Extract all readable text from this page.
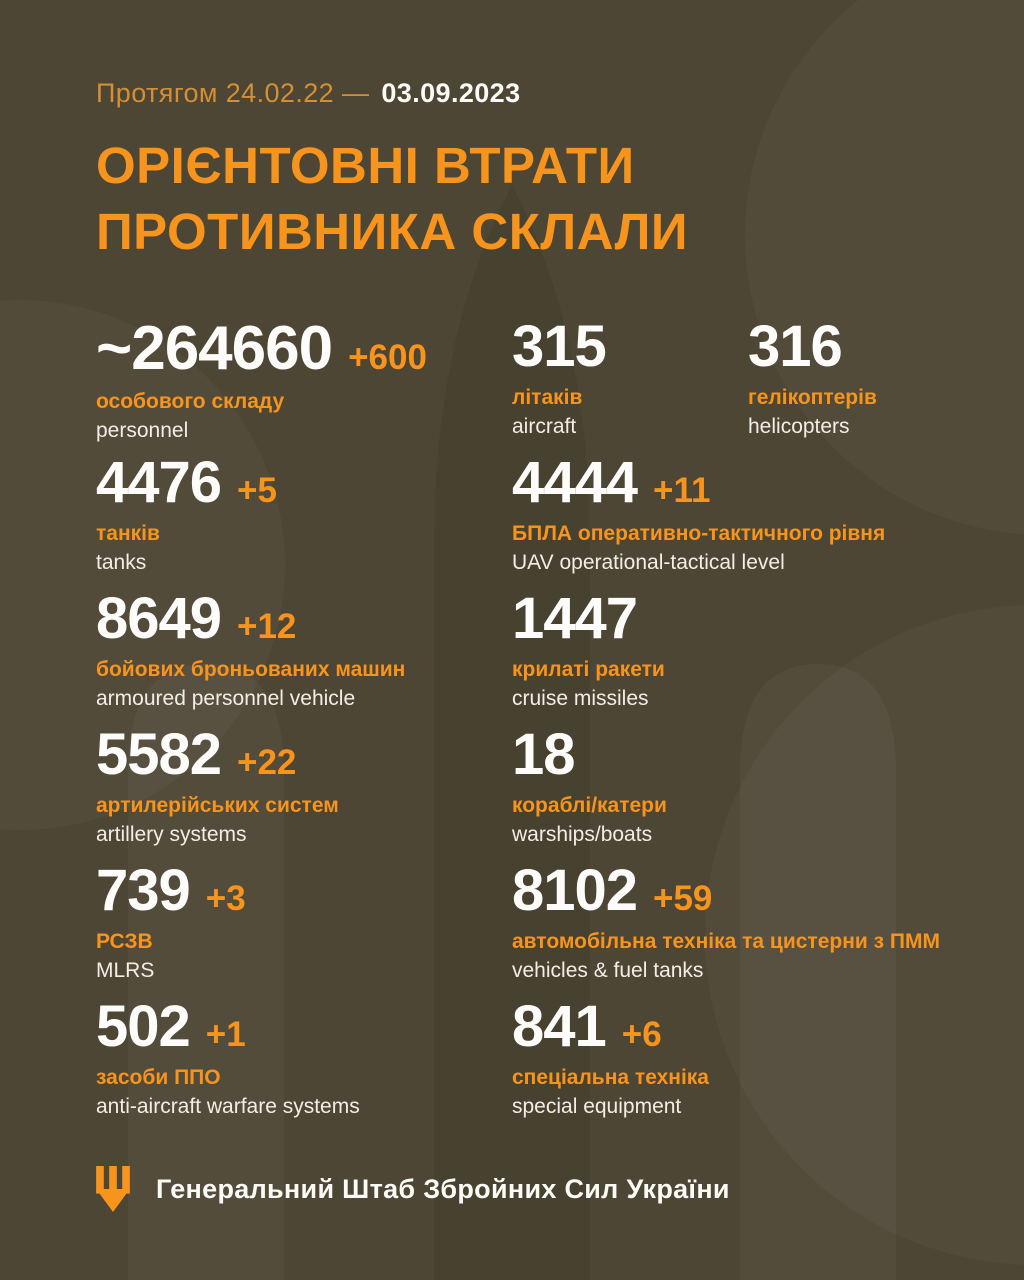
Протягом 24.02.22 — 03.09.2023
ОРІЄНТОВНІ ВТРАТИ
ПРОТИВНИКА СКЛАЛИ
~264660 +600
особового складу
personnel
315
літаків
aircraft
316
гелікоптерів
helicopters
4476 +5
танків
tanks
4444 +11
БПЛА оперативно-тактичного рівня
UAV operational-tactical level
8649 +12
бойових броньованих машин
armoured personnel vehicle
1447
крилаті ракети
cruise missiles
5582 +22
артилерійських систем
artillery systems
18
кораблі/катери
warships/boats
739 +3
РСЗВ
MLRS
8102 +59
автомобільна техніка та цистерни з ПММ
vehicles & fuel tanks
502 +1
засоби ППО
anti-aircraft warfare systems
841 +6
спеціальна техніка
special equipment
Генеральний Штаб Збройних Сил України
